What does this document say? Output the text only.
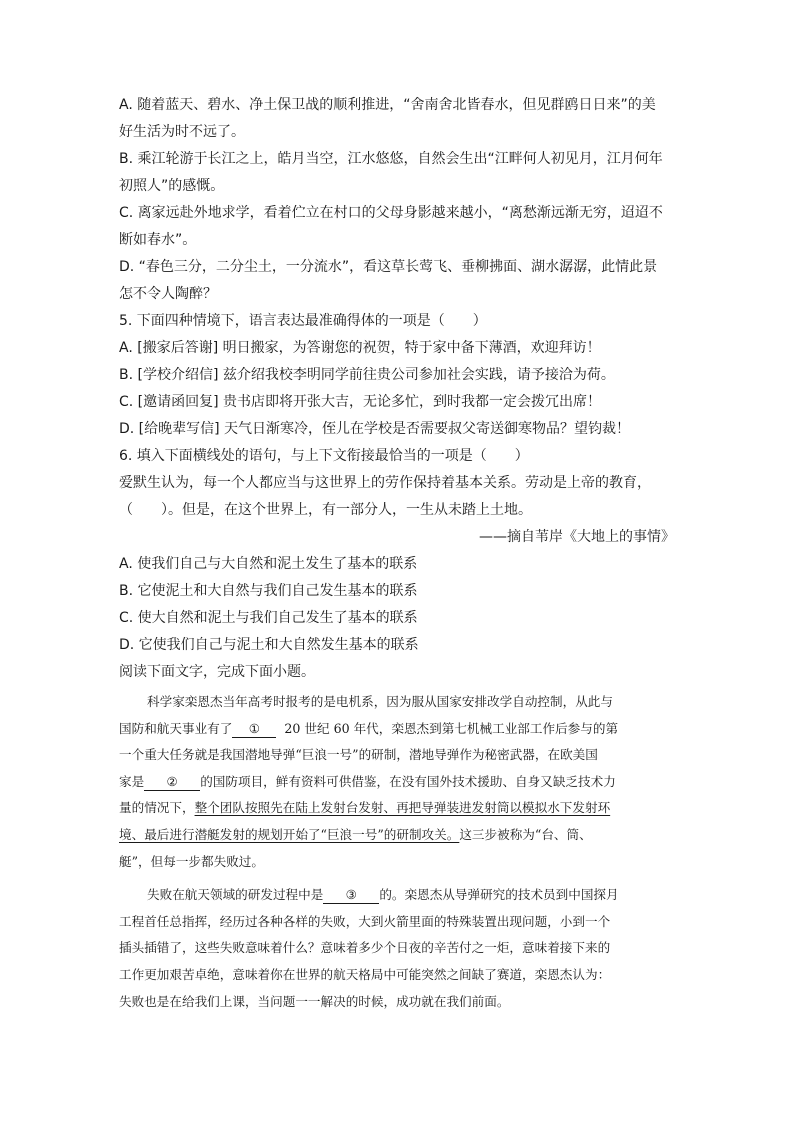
A. 随着蓝天、碧水、净土保卫战的顺利推进，“舍南舍北皆春水，但见群鸥日日来”的美
好生活为时不远了。
B. 乘江轮游于长江之上，皓月当空，江水悠悠，自然会生出“江畔何人初见月，江月何年
初照人”的感慨。
C. 离家远赴外地求学，看着伫立在村口的父母身影越来越小，“离愁渐远渐无穷，迢迢不
断如春水”。
D. “春色三分，二分尘土，一分流水”，看这草长莺飞、垂柳拂面、湖水潺潺，此情此景
怎不令人陶醉？
5. 下面四种情境下，语言表达最准确得体的一项是（　　）
A. [搬家后答谢] 明日搬家，为答谢您的祝贺，特于家中备下薄酒，欢迎拜访！
B. [学校介绍信] 兹介绍我校李明同学前往贵公司参加社会实践，请予接洽为荷。
C. [邀请函回复] 贵书店即将开张大吉，无论多忙，到时我都一定会拨冗出席！
D. [给晚辈写信] 天气日渐寒冷，侄儿在学校是否需要叔父寄送御寒物品？望钧裁！
6. 填入下面横线处的语句，与上下文衔接最恰当的一项是（　　）
爱默生认为，每一个人都应当与这世界上的劳作保持着基本关系。劳动是上帝的教育，
（　　）。但是，在这个世界上，有一部分人，一生从未踏上土地。
——摘自苇岸《大地上的事情》
A. 使我们自己与大自然和泥土发生了基本的联系
B. 它使泥土和大自然与我们自己发生基本的联系
C. 使大自然和泥土与我们自己发生了基本的联系
D. 它使我们自己与泥土和大自然发生基本的联系
阅读下面文字，完成下面小题。
科学家栾恩杰当年高考时报考的是电机系，因为服从国家安排改学自动控制，从此与
国防和航天事业有了 ① 20 世纪 60 年代，栾恩杰到第七机械工业部工作后参与的第
一个重大任务就是我国潜地导弹“巨浪一号”的研制，潜地导弹作为秘密武器，在欧美国
家是 ② 的国防项目，鲜有资料可供借鉴，在没有国外技术援助、自身又缺乏技术力
量的情况下，整个团队按照先在陆上发射台发射、再把导弹装进发射筒以模拟水下发射环
境、最后进行潜艇发射的规划开始了“巨浪一号”的研制攻关。这三步被称为“台、筒、
艇”，但每一步都失败过。
失败在航天领域的研发过程中是 ③ 的。栾恩杰从导弹研究的技术员到中国探月
工程首任总指挥，经历过各种各样的失败，大到火箭里面的特殊装置出现问题，小到一个
插头插错了，这些失败意味着什么？意味着多少个日夜的辛苦付之一炬，意味着接下来的
工作更加艰苦卓绝，意味着你在世界的航天格局中可能突然之间缺了赛道，栾恩杰认为：
失败也是在给我们上课，当问题一一解决的时候，成功就在我们前面。
